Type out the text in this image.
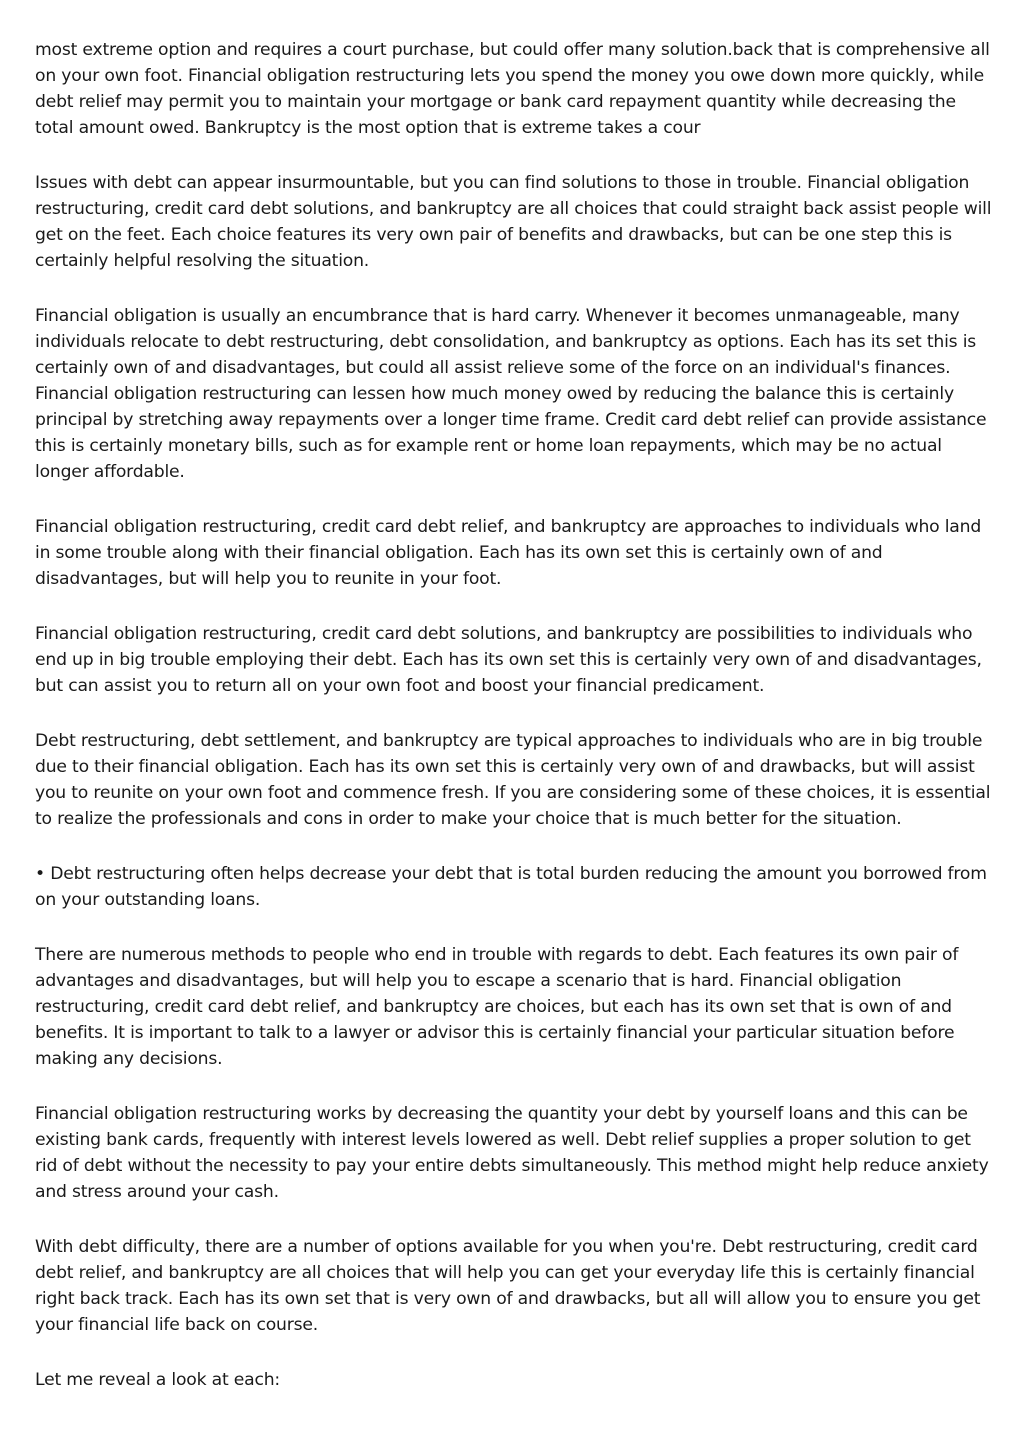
most extreme option and requires a court purchase, but could offer many solution.back that is comprehensive all on your own foot. Financial obligation restructuring lets you spend the money you owe down more quickly, while debt relief may permit you to maintain your mortgage or bank card repayment quantity while decreasing the total amount owed. Bankruptcy is the most option that is extreme takes a cour

Issues with debt can appear insurmountable, but you can find solutions to those in trouble. Financial obligation restructuring, credit card debt solutions, and bankruptcy are all choices that could straight back assist people will get on the feet. Each choice features its very own pair of benefits and drawbacks, but can be one step this is certainly helpful resolving the situation.

Financial obligation is usually an encumbrance that is hard carry. Whenever it becomes unmanageable, many individuals relocate to debt restructuring, debt consolidation, and bankruptcy as options. Each has its set this is certainly own of and disadvantages, but could all assist relieve some of the force on an individual's finances. Financial obligation restructuring can lessen how much money owed by reducing the balance this is certainly principal by stretching away repayments over a longer time frame. Credit card debt relief can provide assistance this is certainly monetary bills, such as for example rent or home loan repayments, which may be no actual longer affordable.

Financial obligation restructuring, credit card debt relief, and bankruptcy are approaches to individuals who land in some trouble along with their financial obligation. Each has its own set this is certainly own of and disadvantages, but will help you to reunite in your foot.

Financial obligation restructuring, credit card debt solutions, and bankruptcy are possibilities to individuals who end up in big trouble employing their debt. Each has its own set this is certainly very own of and disadvantages, but can assist you to return all on your own foot and boost your financial predicament.

Debt restructuring, debt settlement, and bankruptcy are typical approaches to individuals who are in big trouble due to their financial obligation. Each has its own set this is certainly very own of and drawbacks, but will assist you to reunite on your own foot and commence fresh. If you are considering some of these choices, it is essential to realize the professionals and cons in order to make your choice that is much better for the situation.

• Debt restructuring often helps decrease your debt that is total burden reducing the amount you borrowed from on your outstanding loans.

There are numerous methods to people who end in trouble with regards to debt. Each features its own pair of advantages and disadvantages, but will help you to escape a scenario that is hard. Financial obligation restructuring, credit card debt relief, and bankruptcy are choices, but each has its own set that is own of and benefits. It is important to talk to a lawyer or advisor this is certainly financial your particular situation before making any decisions.

Financial obligation restructuring works by decreasing the quantity your debt by yourself loans and this can be existing bank cards, frequently with interest levels lowered as well. Debt relief supplies a proper solution to get rid of debt without the necessity to pay your entire debts simultaneously. This method might help reduce anxiety and stress around your cash.

With debt difficulty, there are a number of options available for you when you're. Debt restructuring, credit card debt relief, and bankruptcy are all choices that will help you can get your everyday life this is certainly financial right back track. Each has its own set that is very own of and drawbacks, but all will allow you to ensure you get your financial life back on course.

Let me reveal a look at each:
